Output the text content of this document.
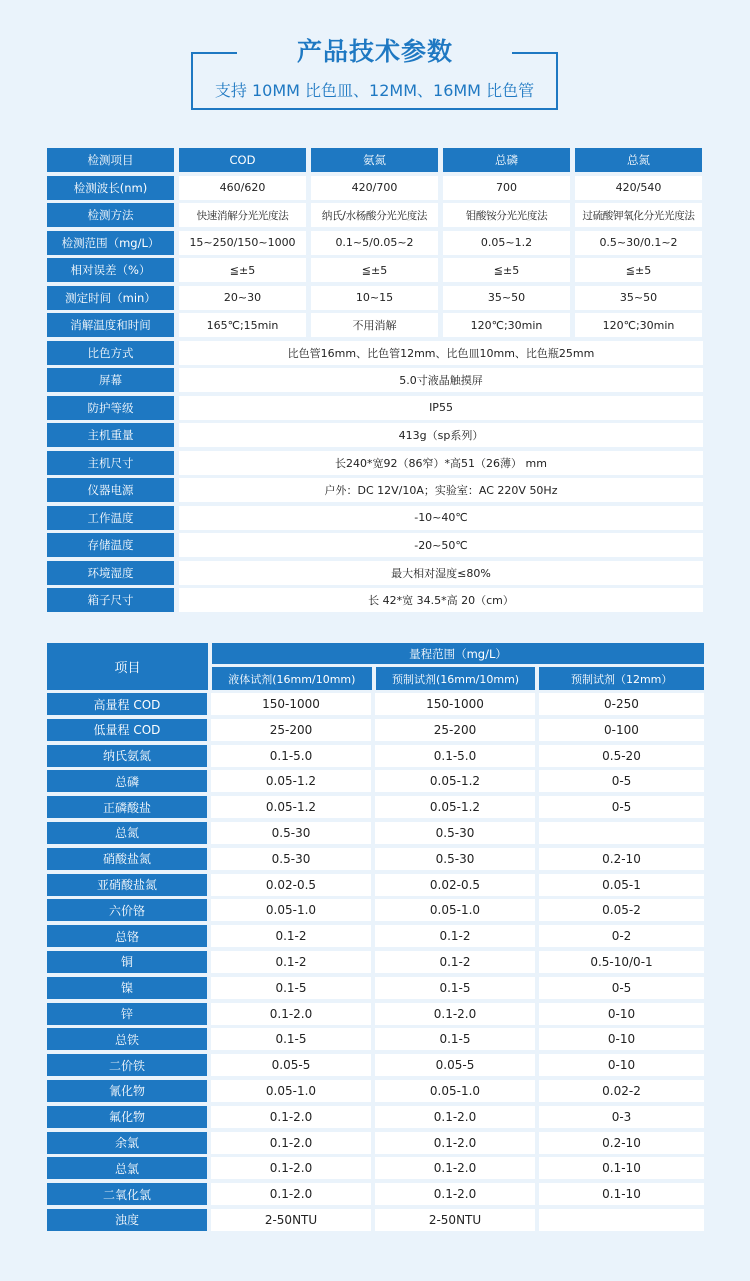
产品技术参数
支持 10MM 比色皿、12MM、16MM 比色管
检测项目	COD	氨氮	总磷	总氮
检测波长(nm)	460/620	420/700	700	420/540
检测方法	快速消解分光光度法	纳氏/水杨酸分光光度法	钼酸铵分光光度法	过硫酸钾氧化分光光度法
检测范围（mg/L）	15~250/150~1000	0.1~5/0.05~2	0.05~1.2	0.5~30/0.1~2
相对误差（%）	≦±5	≦±5	≦±5	≦±5
测定时间（min）	20~30	10~15	35~50	35~50
消解温度和时间	165℃;15min	不用消解	120℃;30min	120℃;30min
比色方式	比色管16mm、比色管12mm、比色皿10mm、比色瓶25mm
屏幕	5.0寸液晶触摸屏
防护等级	IP55
主机重量	413g（sp系列）
主机尺寸	长240*宽92（86窄）*高51（26薄） mm
仪器电源	户外：DC 12V/10A；实验室：AC 220V 50Hz
工作温度	-10~40℃
存储温度	-20~50℃
环境湿度	最大相对湿度≤80%
箱子尺寸	长 42*宽 34.5*高 20（cm）
项目
量程范围（mg/L）
液体试剂(16mm/10mm)	预制试剂(16mm/10mm)	预制试剂（12mm）
高量程 COD	150-1000	150-1000	0-250
低量程 COD	25-200	25-200	0-100
纳氏氨氮	0.1-5.0	0.1-5.0	0.5-20
总磷	0.05-1.2	0.05-1.2	0-5
正磷酸盐	0.05-1.2	0.05-1.2	0-5
总氮	0.5-30	0.5-30
硝酸盐氮	0.5-30	0.5-30	0.2-10
亚硝酸盐氮	0.02-0.5	0.02-0.5	0.05-1
六价铬	0.05-1.0	0.05-1.0	0.05-2
总铬	0.1-2	0.1-2	0-2
铜	0.1-2	0.1-2	0.5-10/0-1
镍	0.1-5	0.1-5	0-5
锌	0.1-2.0	0.1-2.0	0-10
总铁	0.1-5	0.1-5	0-10
二价铁	0.05-5	0.05-5	0-10
氰化物	0.05-1.0	0.05-1.0	0.02-2
氟化物	0.1-2.0	0.1-2.0	0-3
余氯	0.1-2.0	0.1-2.0	0.2-10
总氯	0.1-2.0	0.1-2.0	0.1-10
二氧化氯	0.1-2.0	0.1-2.0	0.1-10
浊度	2-50NTU	2-50NTU
